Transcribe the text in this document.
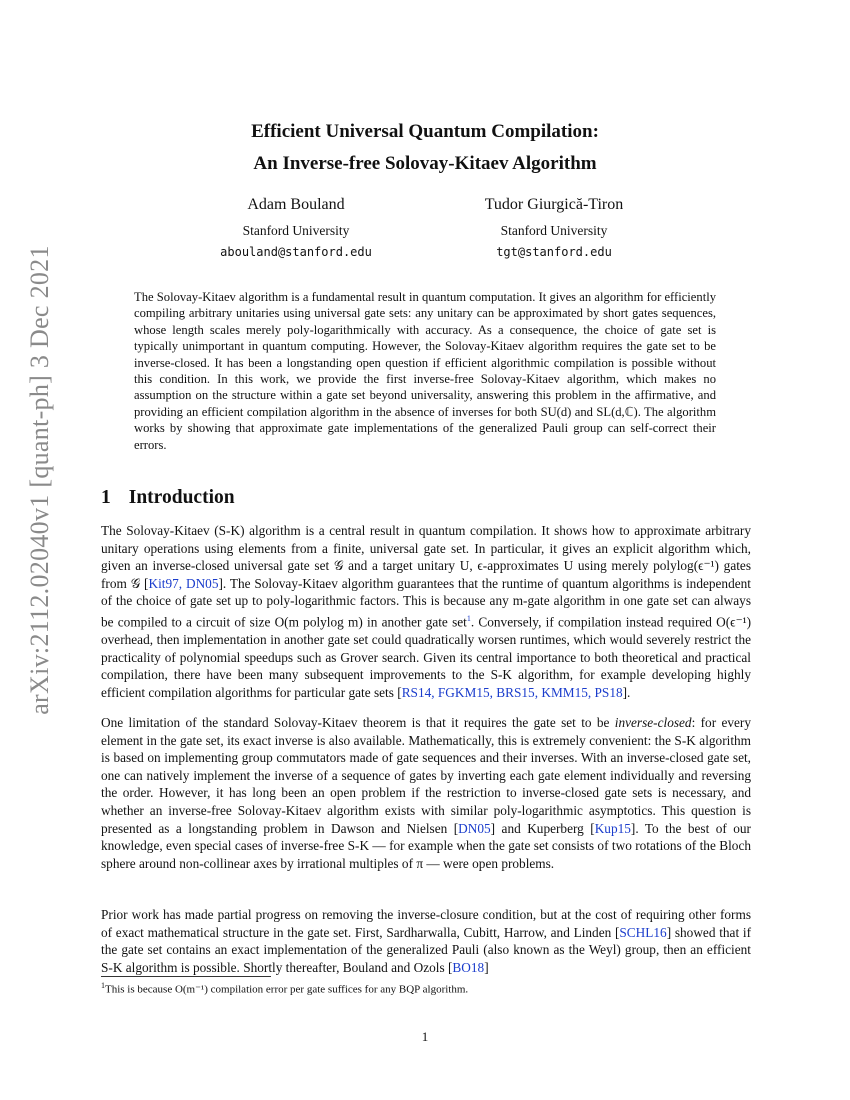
arXiv:2112.02040v1 [quant-ph] 3 Dec 2021
Efficient Universal Quantum Compilation:
An Inverse-free Solovay-Kitaev Algorithm
Adam Bouland
Stanford University
abouland@stanford.edu
Tudor Giurgică-Tiron
Stanford University
tgt@stanford.edu
The Solovay-Kitaev algorithm is a fundamental result in quantum computation. It gives an algorithm for efficiently compiling arbitrary unitaries using universal gate sets: any unitary can be approximated by short gates sequences, whose length scales merely poly-logarithmically with accuracy. As a consequence, the choice of gate set is typically unimportant in quantum computing. However, the Solovay-Kitaev algorithm requires the gate set to be inverse-closed. It has been a longstanding open question if efficient algorithmic compilation is possible without this condition. In this work, we provide the first inverse-free Solovay-Kitaev algorithm, which makes no assumption on the structure within a gate set beyond universality, answering this problem in the affirmative, and providing an efficient compilation algorithm in the absence of inverses for both SU(d) and SL(d,ℂ). The algorithm works by showing that approximate gate implementations of the generalized Pauli group can self-correct their errors.
1 Introduction
The Solovay-Kitaev (S-K) algorithm is a central result in quantum compilation. It shows how to approximate arbitrary unitary operations using elements from a finite, universal gate set. In particular, it gives an explicit algorithm which, given an inverse-closed universal gate set 𝒢 and a target unitary U, ϵ-approximates U using merely polylog(ϵ⁻¹) gates from 𝒢 [Kit97, DN05]. The Solovay-Kitaev algorithm guarantees that the runtime of quantum algorithms is independent of the choice of gate set up to poly-logarithmic factors. This is because any m-gate algorithm in one gate set can always be compiled to a circuit of size O(m polylog m) in another gate set$^1$. Conversely, if compilation instead required O(ϵ⁻¹) overhead, then implementation in another gate set could quadratically worsen runtimes, which would severely restrict the practicality of polynomial speedups such as Grover search. Given its central importance to both theoretical and practical compilation, there have been many subsequent improvements to the S-K algorithm, for example developing highly efficient compilation algorithms for particular gate sets [RS14, FGKM15, BRS15, KMM15, PS18].
One limitation of the standard Solovay-Kitaev theorem is that it requires the gate set to be inverse-closed: for every element in the gate set, its exact inverse is also available. Mathematically, this is extremely convenient: the S-K algorithm is based on implementing group commutators made of gate sequences and their inverses. With an inverse-closed gate set, one can natively implement the inverse of a sequence of gates by inverting each gate element individually and reversing the order. However, it has long been an open problem if the restriction to inverse-closed gate sets is necessary, and whether an inverse-free Solovay-Kitaev algorithm exists with similar poly-logarithmic asymptotics. This question is presented as a longstanding problem in Dawson and Nielsen [DN05] and Kuperberg [Kup15]. To the best of our knowledge, even special cases of inverse-free S-K — for example when the gate set consists of two rotations of the Bloch sphere around non-collinear axes by irrational multiples of π — were open problems.
Prior work has made partial progress on removing the inverse-closure condition, but at the cost of requiring other forms of exact mathematical structure in the gate set. First, Sardharwalla, Cubitt, Harrow, and Linden [SCHL16] showed that if the gate set contains an exact implementation of the generalized Pauli (also known as the Weyl) group, then an efficient S-K algorithm is possible. Shortly thereafter, Bouland and Ozols [BO18]
$^1$This is because O(m⁻¹) compilation error per gate suffices for any BQP algorithm.
1
